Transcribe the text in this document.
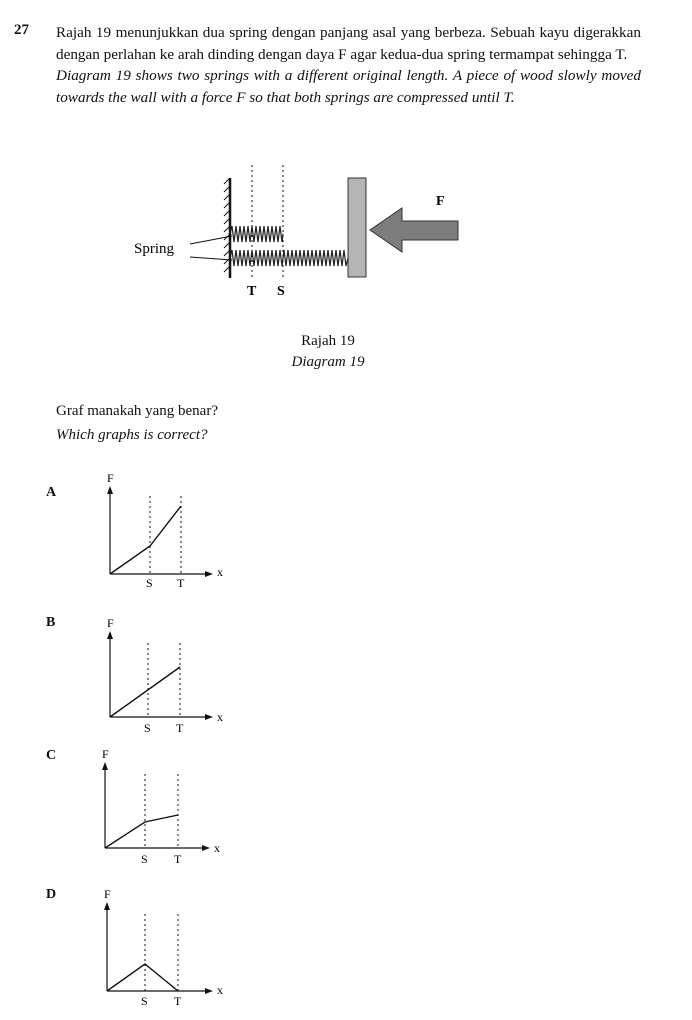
27 Rajah 19 menunjukkan dua spring dengan panjang asal yang berbeza. Sebuah kayu digerakkan dengan perlahan ke arah dinding dengan daya F agar kedua-dua spring termampat sehingga T.

Diagram 19 shows two springs with a different original length. A piece of wood slowly moved towards the wall with a force F so that both springs are compressed until T.

F
Spring
T S
Rajah 19
Diagram 19
Graf manakah yang benar?
Which graphs is correct?
A
F
x
S T
B	F
x
S T
C	F
x
S T
D	F
x
S T
